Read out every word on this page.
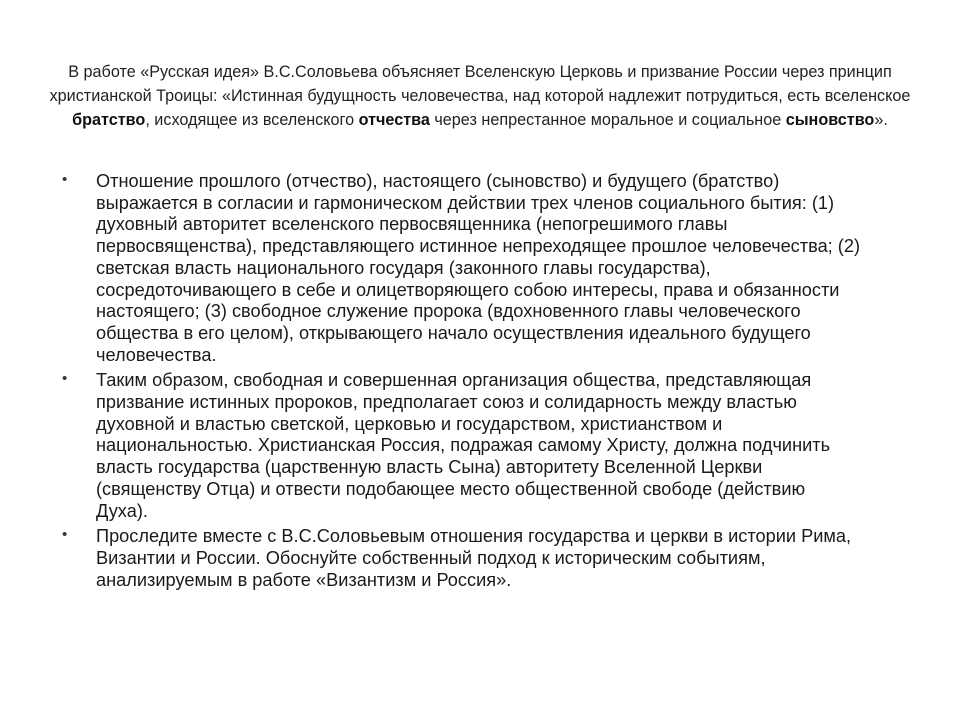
В работе «Русская идея» В.С.Соловьева объясняет Вселенскую Церковь и призвание России через принцип христианской Троицы: «Истинная будущность человечества, над которой надлежит потрудиться, есть вселенское братство, исходящее из вселенского отчества через непрестанное моральное и социальное сыновство».

• Отношение прошлого (отчество), настоящего (сыновство) и будущего (братство) выражается в согласии и гармоническом действии трех членов социального бытия: (1) духовный авторитет вселенского первосвященника (непогрешимого главы первосвященства), представляющего истинное непреходящее прошлое человечества; (2) светская власть национального государя (законного главы государства), сосредоточивающего в себе и олицетворяющего собою интересы, права и обязанности настоящего; (3) свободное служение пророка (вдохновенного главы человеческого общества в его целом), открывающего начало осуществления идеального будущего человечества.
• Таким образом, свободная и совершенная организация общества, представляющая призвание истинных пророков, предполагает союз и солидарность между властью духовной и властью светской, церковью и государством, христианством и национальностью. Христианская Россия, подражая самому Христу, должна подчинить власть государства (царственную власть Сына) авторитету Вселенной Церкви (священству Отца) и отвести подобающее место общественной свободе (действию Духа).
• Проследите вместе с В.С.Соловьевым отношения государства и церкви в истории Рима, Византии и России. Обоснуйте собственный подход к историческим событиям, анализируемым в работе «Византизм и Россия».
